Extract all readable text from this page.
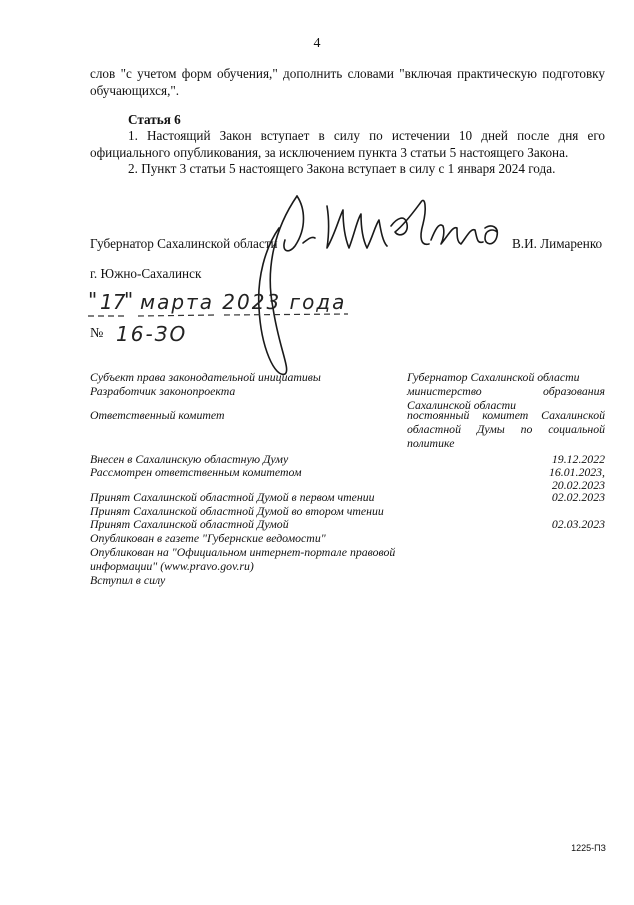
4
слов "с учетом форм обучения," дополнить словами "включая практическую подготовку обучающихся,".
Статья 6
1. Настоящий Закон вступает в силу по истечении 10 дней после дня его официального опубликования, за исключением пункта 3 статьи 5 настоящего Закона.
2. Пункт 3 статьи 5 настоящего Закона вступает в силу с 1 января 2024 года.
Губернатор Сахалинской области	В.И. Лимаренко
г. Южно-Сахалинск
" 17
" марта 2023 года
№ 16-ЗО
Субъект права законодательной инициативы	Губернатор Сахалинской области
Разработчик законопроекта	министерство образования Сахалинской области
Ответственный комитет	постоянный комитет Сахалинской областной Думы по социальной политике
Внесен в Сахалинскую областную Думу	19.12.2022
Рассмотрен ответственным комитетом	16.01.2023,
20.02.2023
Принят Сахалинской областной Думой в первом чтении	02.02.2023
Принят Сахалинской областной Думой во втором чтении
Принят Сахалинской областной Думой	02.03.2023
Опубликован в газете "Губернские ведомости"
Опубликован на "Официальном интернет-портале правовой информации" (www.pravo.gov.ru)
Вступил в силу
1225-ПЗ
